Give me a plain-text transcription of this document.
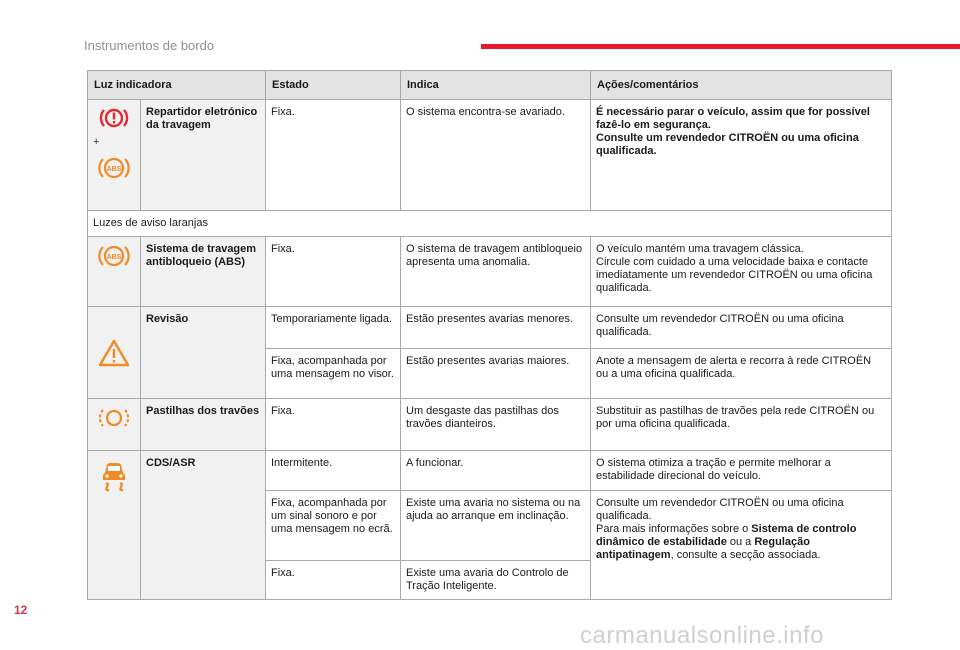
Instrumentos de bordo
Luz indicadora		Estado	Indica	Ações/comentários

+
ABS	Repartidor eletrónico da travagem	Fixa.	O sistema encontra-se avariado.	É necessário parar o veículo, assim que for possível fazê-lo em segurança.
Consulte um revendedor CITROËN ou uma oficina qualificada.
Luzes de aviso laranjas				

ABS	Sistema de travagem antibloqueio (ABS)	Fixa.	O sistema de travagem antibloqueio apresenta uma anomalia.	O veículo mantém uma travagem clássica.
Circule com cuidado a uma velocidade baixa e contacte imediatamente um revendedor CITROËN ou uma oficina qualificada.

	Revisão	Temporariamente ligada.	Estão presentes avarias menores.	Consulte um revendedor CITROËN ou uma oficina qualificada.
		Fixa, acompanhada por uma mensagem no visor.	Estão presentes avarias maiores.	Anote a mensagem de alerta e recorra à rede CITROËN ou a uma oficina qualificada.

	Pastilhas dos travões	Fixa.	Um desgaste das pastilhas dos travões dianteiros.	Substituir as pastilhas de travões pela rede CITROËN ou por uma oficina qualificada.

	CDS/ASR	Intermitente.	A funcionar.	O sistema otimiza a tração e permite melhorar a estabilidade direcional do veículo.
		Fixa, acompanhada por um sinal sonoro e por uma mensagem no ecrã.	Existe uma avaria no sistema ou na ajuda ao arranque em inclinação.	Consulte um revendedor CITROËN ou uma oficina qualificada.
Para mais informações sobre o Sistema de controlo dinâmico de estabilidade ou a Regulação antipatinagem, consulte a secção associada.
		Fixa.	Existe uma avaria do Controlo de Tração Inteligente.	
12
carmanualsonline.info
